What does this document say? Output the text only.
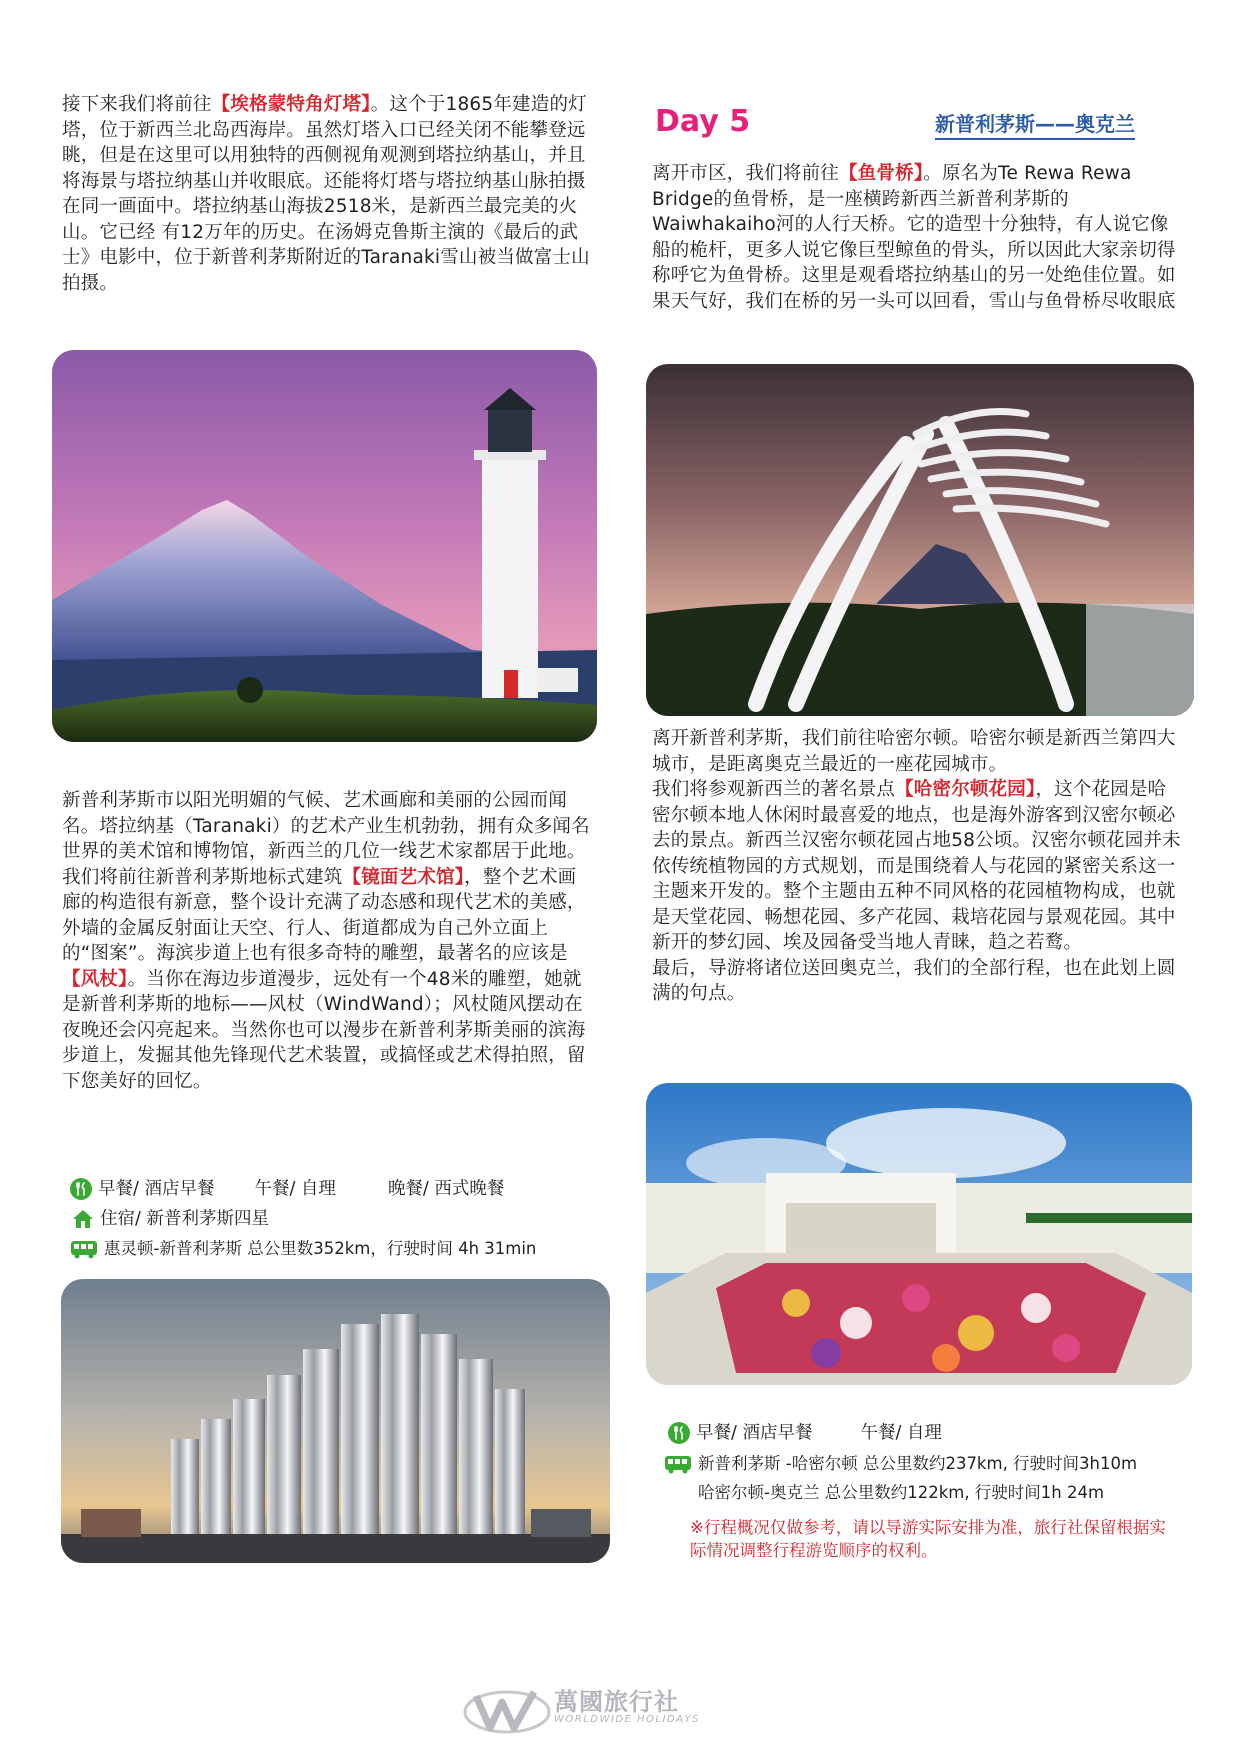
接下来我们将前往【埃格蒙特角灯塔】。这个于1865年建造的灯塔，位于新西兰北岛西海岸。虽然灯塔入口已经关闭不能攀登远眺，但是在这里可以用独特的西侧视角观测到塔拉纳基山，并且将海景与塔拉纳基山并收眼底。还能将灯塔与塔拉纳基山脉拍摄在同一画面中。塔拉纳基山海拔2518米，是新西兰最完美的火山。它已经 有12万年的历史。在汤姆克鲁斯主演的《最后的武士》电影中，位于新普利茅斯附近的Taranaki雪山被当做富士山拍摄。

新普利茅斯市以阳光明媚的气候、艺术画廊和美丽的公园而闻名。塔拉纳基（Taranaki）的艺术产业生机勃勃，拥有众多闻名世界的美术馆和博物馆，新西兰的几位一线艺术家都居于此地。我们将前往新普利茅斯地标式建筑【镜面艺术馆】，整个艺术画廊的构造很有新意，整个设计充满了动态感和现代艺术的美感，外墙的金属反射面让天空、行人、街道都成为自己外立面上的“图案”。海滨步道上也有很多奇特的雕塑，最著名的应该是【风杖】。当你在海边步道漫步，远处有一个48米的雕塑，她就是新普利茅斯的地标——风杖（WindWand）；风杖随风摆动在夜晚还会闪亮起来。当然你也可以漫步在新普利茅斯美丽的滨海步道上，发掘其他先锋现代艺术装置，或搞怪或艺术得拍照，留下您美好的回忆。

早餐/ 酒店早餐 午餐/ 自理	晚餐/ 西式晚餐
住宿/ 新普利茅斯四星
惠灵顿-新普利茅斯 总公里数352km，行驶时间 4h 31min
Day 5	新普利茅斯——奥克兰

离开市区，我们将前往【鱼骨桥】。原名为Te Rewa Rewa Bridge的鱼骨桥，是一座横跨新西兰新普利茅斯的Waiwhakaiho河的人行天桥。它的造型十分独特，有人说它像船的桅杆，更多人说它像巨型鲸鱼的骨头，所以因此大家亲切得称呼它为鱼骨桥。这里是观看塔拉纳基山的另一处绝佳位置。如果天气好，我们在桥的另一头可以回看，雪山与鱼骨桥尽收眼底

离开新普利茅斯，我们前往哈密尔顿。哈密尔顿是新西兰第四大城市，是距离奥克兰最近的一座花园城市。
我们将参观新西兰的著名景点【哈密尔顿花园】，这个花园是哈密尔顿本地人休闲时最喜爱的地点，也是海外游客到汉密尔顿必去的景点。新西兰汉密尔顿花园占地58公顷。汉密尔顿花园并未依传统植物园的方式规划，而是围绕着人与花园的紧密关系这一主题来开发的。整个主题由五种不同风格的花园植物构成，也就是天堂花园、畅想花园、多产花园、栽培花园与景观花园。其中新开的梦幻园、埃及园备受当地人青睐，趋之若鹜。
最后，导游将诸位送回奥克兰，我们的全部行程，也在此划上圆满的句点。

早餐/ 酒店早餐	午餐/ 自理
新普利茅斯 -哈密尔顿 总公里数约237km, 行驶时间3h10m
哈密尔顿-奥克兰 总公里数约122km, 行驶时间1h 24m
※行程概况仅做参考，请以导游实际安排为准，旅行社保留根据实际情况调整行程游览顺序的权利。
萬國旅行社
WORLDWIDE HOLIDAYS
